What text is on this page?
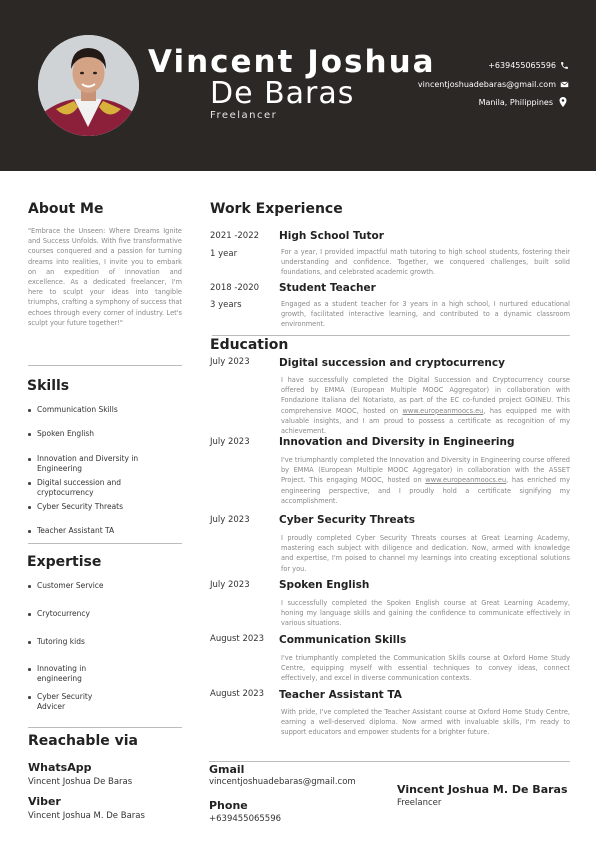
Vincent Joshua
De Baras
Freelancer
+639455065596
vincentjoshuadebaras@gmail.com
Manila, Philippines
About Me
"Embrace the Unseen: Where Dreams Ignite and Success Unfolds. With five transformative courses conquered and a passion for turning dreams into realities, I invite you to embark on an expedition of innovation and excellence. As a dedicated freelancer, I'm here to sculpt your ideas into tangible triumphs, crafting a symphony of success that echoes through every corner of industry. Let's sculpt your future together!"
Skills
Communication Skills
Spoken English
Innovation and Diversity in Engineering
Digital succession and cryptocurrency
Cyber Security Threats
Teacher Assistant TA
Expertise
Customer Service
Crytocurrency
Tutoring kids
Innovating in engineering
Cyber Security Advicer
Reachable via
WhatsApp
Vincent Joshua De Baras
Viber
Vincent Joshua M. De Baras
Work Experience
2021 -2022 High School Tutor
1 year	For a year, I provided impactful math tutoring to high school students, fostering their understanding and confidence. Together, we conquered challenges, built solid foundations, and celebrated academic growth.
2018 -2020 Student Teacher
3 years	Engaged as a student teacher for 3 years in a high school, I nurtured educational growth, facilitated interactive learning, and contributed to a dynamic classroom environment.
Education
July 2023	Digital succession and cryptocurrency
I have successfully completed the Digital Succession and Cryptocurrency course offered by EMMA (European Multiple MOOC Aggregator) in collaboration with Fondazione Italiana del Notariato, as part of the EC co-funded project GOINEU. This comprehensive MOOC, hosted on www.europeanmoocs.eu, has equipped me with valuable insights, and I am proud to possess a certificate as recognition of my achievement.
July 2023	Innovation and Diversity in Engineering
I've triumphantly completed the Innovation and Diversity in Engineering course offered by EMMA (European Multiple MOOC Aggregator) in collaboration with the ASSET Project. This engaging MOOC, hosted on www.europeanmoocs.eu, has enriched my engineering perspective, and I proudly hold a certificate signifying my accomplishment.
July 2023	Cyber Security Threats
I proudly completed Cyber Security Threats courses at Great Learning Academy, mastering each subject with diligence and dedication. Now, armed with knowledge and expertise, I'm poised to channel my learnings into creating exceptional solutions for you.
July 2023	Spoken English
I successfully completed the Spoken English course at Great Learning Academy, honing my language skills and gaining the confidence to communicate effectively in various situations.
August 2023 Communication Skills
I've triumphantly completed the Communication Skills course at Oxford Home Study Centre, equipping myself with essential techniques to convey ideas, connect effectively, and excel in diverse communication contexts.
August 2023 Teacher Assistant TA
With pride, I've completed the Teacher Assistant course at Oxford Home Study Centre, earning a well-deserved diploma. Now armed with invaluable skills, I'm ready to support educators and empower students for a brighter future.
Gmail
vincentjoshuadebaras@gmail.com
Phone
+639455065596
Vincent Joshua M. De Baras
Freelancer
